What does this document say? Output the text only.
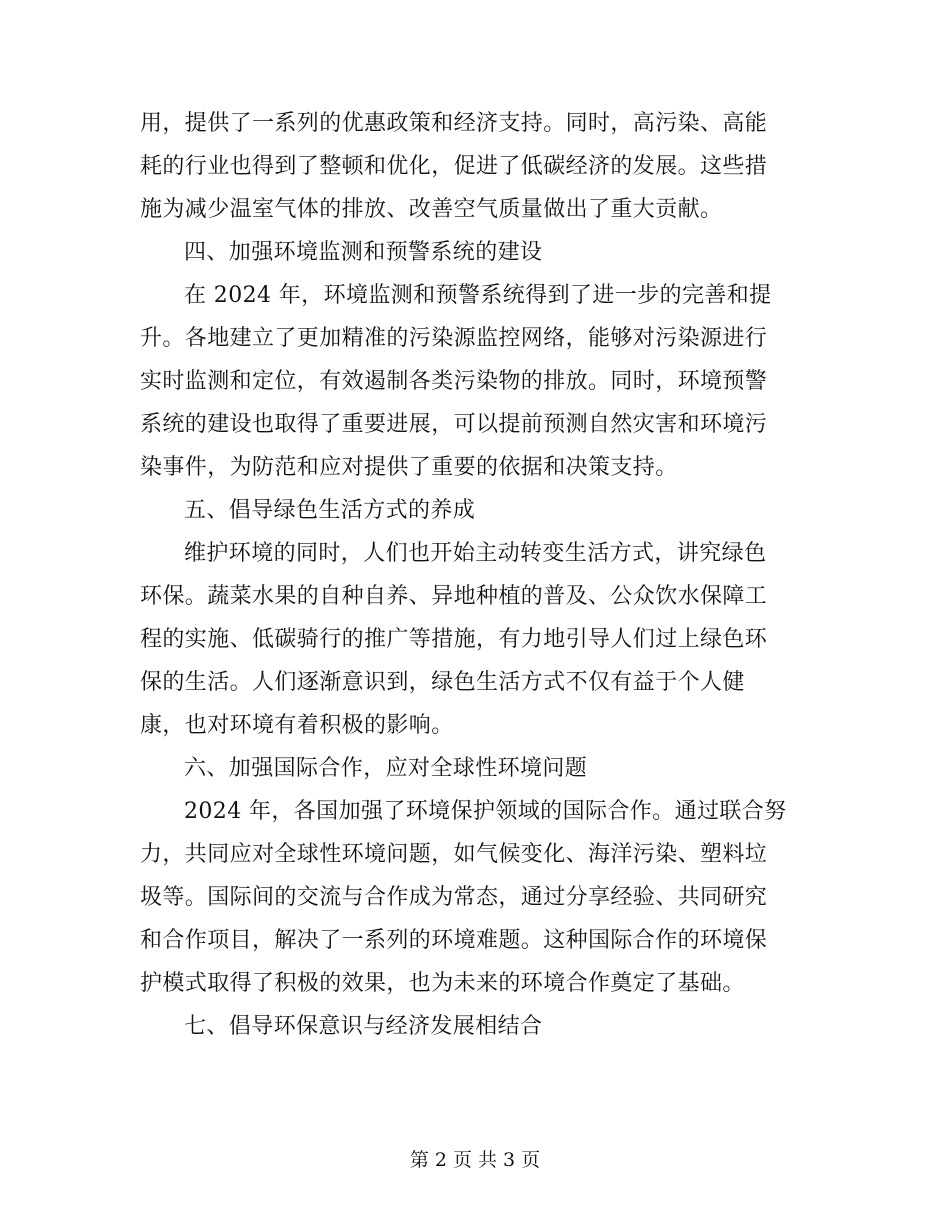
用，提供了一系列的优惠政策和经济支持。同时，高污染、高能
耗的行业也得到了整顿和优化，促进了低碳经济的发展。这些措
施为减少温室气体的排放、改善空气质量做出了重大贡献。
四、加强环境监测和预警系统的建设
在 2024 年，环境监测和预警系统得到了进一步的完善和提
升。各地建立了更加精准的污染源监控网络，能够对污染源进行
实时监测和定位，有效遏制各类污染物的排放。同时，环境预警
系统的建设也取得了重要进展，可以提前预测自然灾害和环境污
染事件，为防范和应对提供了重要的依据和决策支持。
五、倡导绿色生活方式的养成
维护环境的同时，人们也开始主动转变生活方式，讲究绿色
环保。蔬菜水果的自种自养、异地种植的普及、公众饮水保障工
程的实施、低碳骑行的推广等措施，有力地引导人们过上绿色环
保的生活。人们逐渐意识到，绿色生活方式不仅有益于个人健
康，也对环境有着积极的影响。
六、加强国际合作，应对全球性环境问题
2024 年，各国加强了环境保护领域的国际合作。通过联合努
力，共同应对全球性环境问题，如气候变化、海洋污染、塑料垃
圾等。国际间的交流与合作成为常态，通过分享经验、共同研究
和合作项目，解决了一系列的环境难题。这种国际合作的环境保
护模式取得了积极的效果，也为未来的环境合作奠定了基础。
七、倡导环保意识与经济发展相结合
第 2 页 共 3 页
